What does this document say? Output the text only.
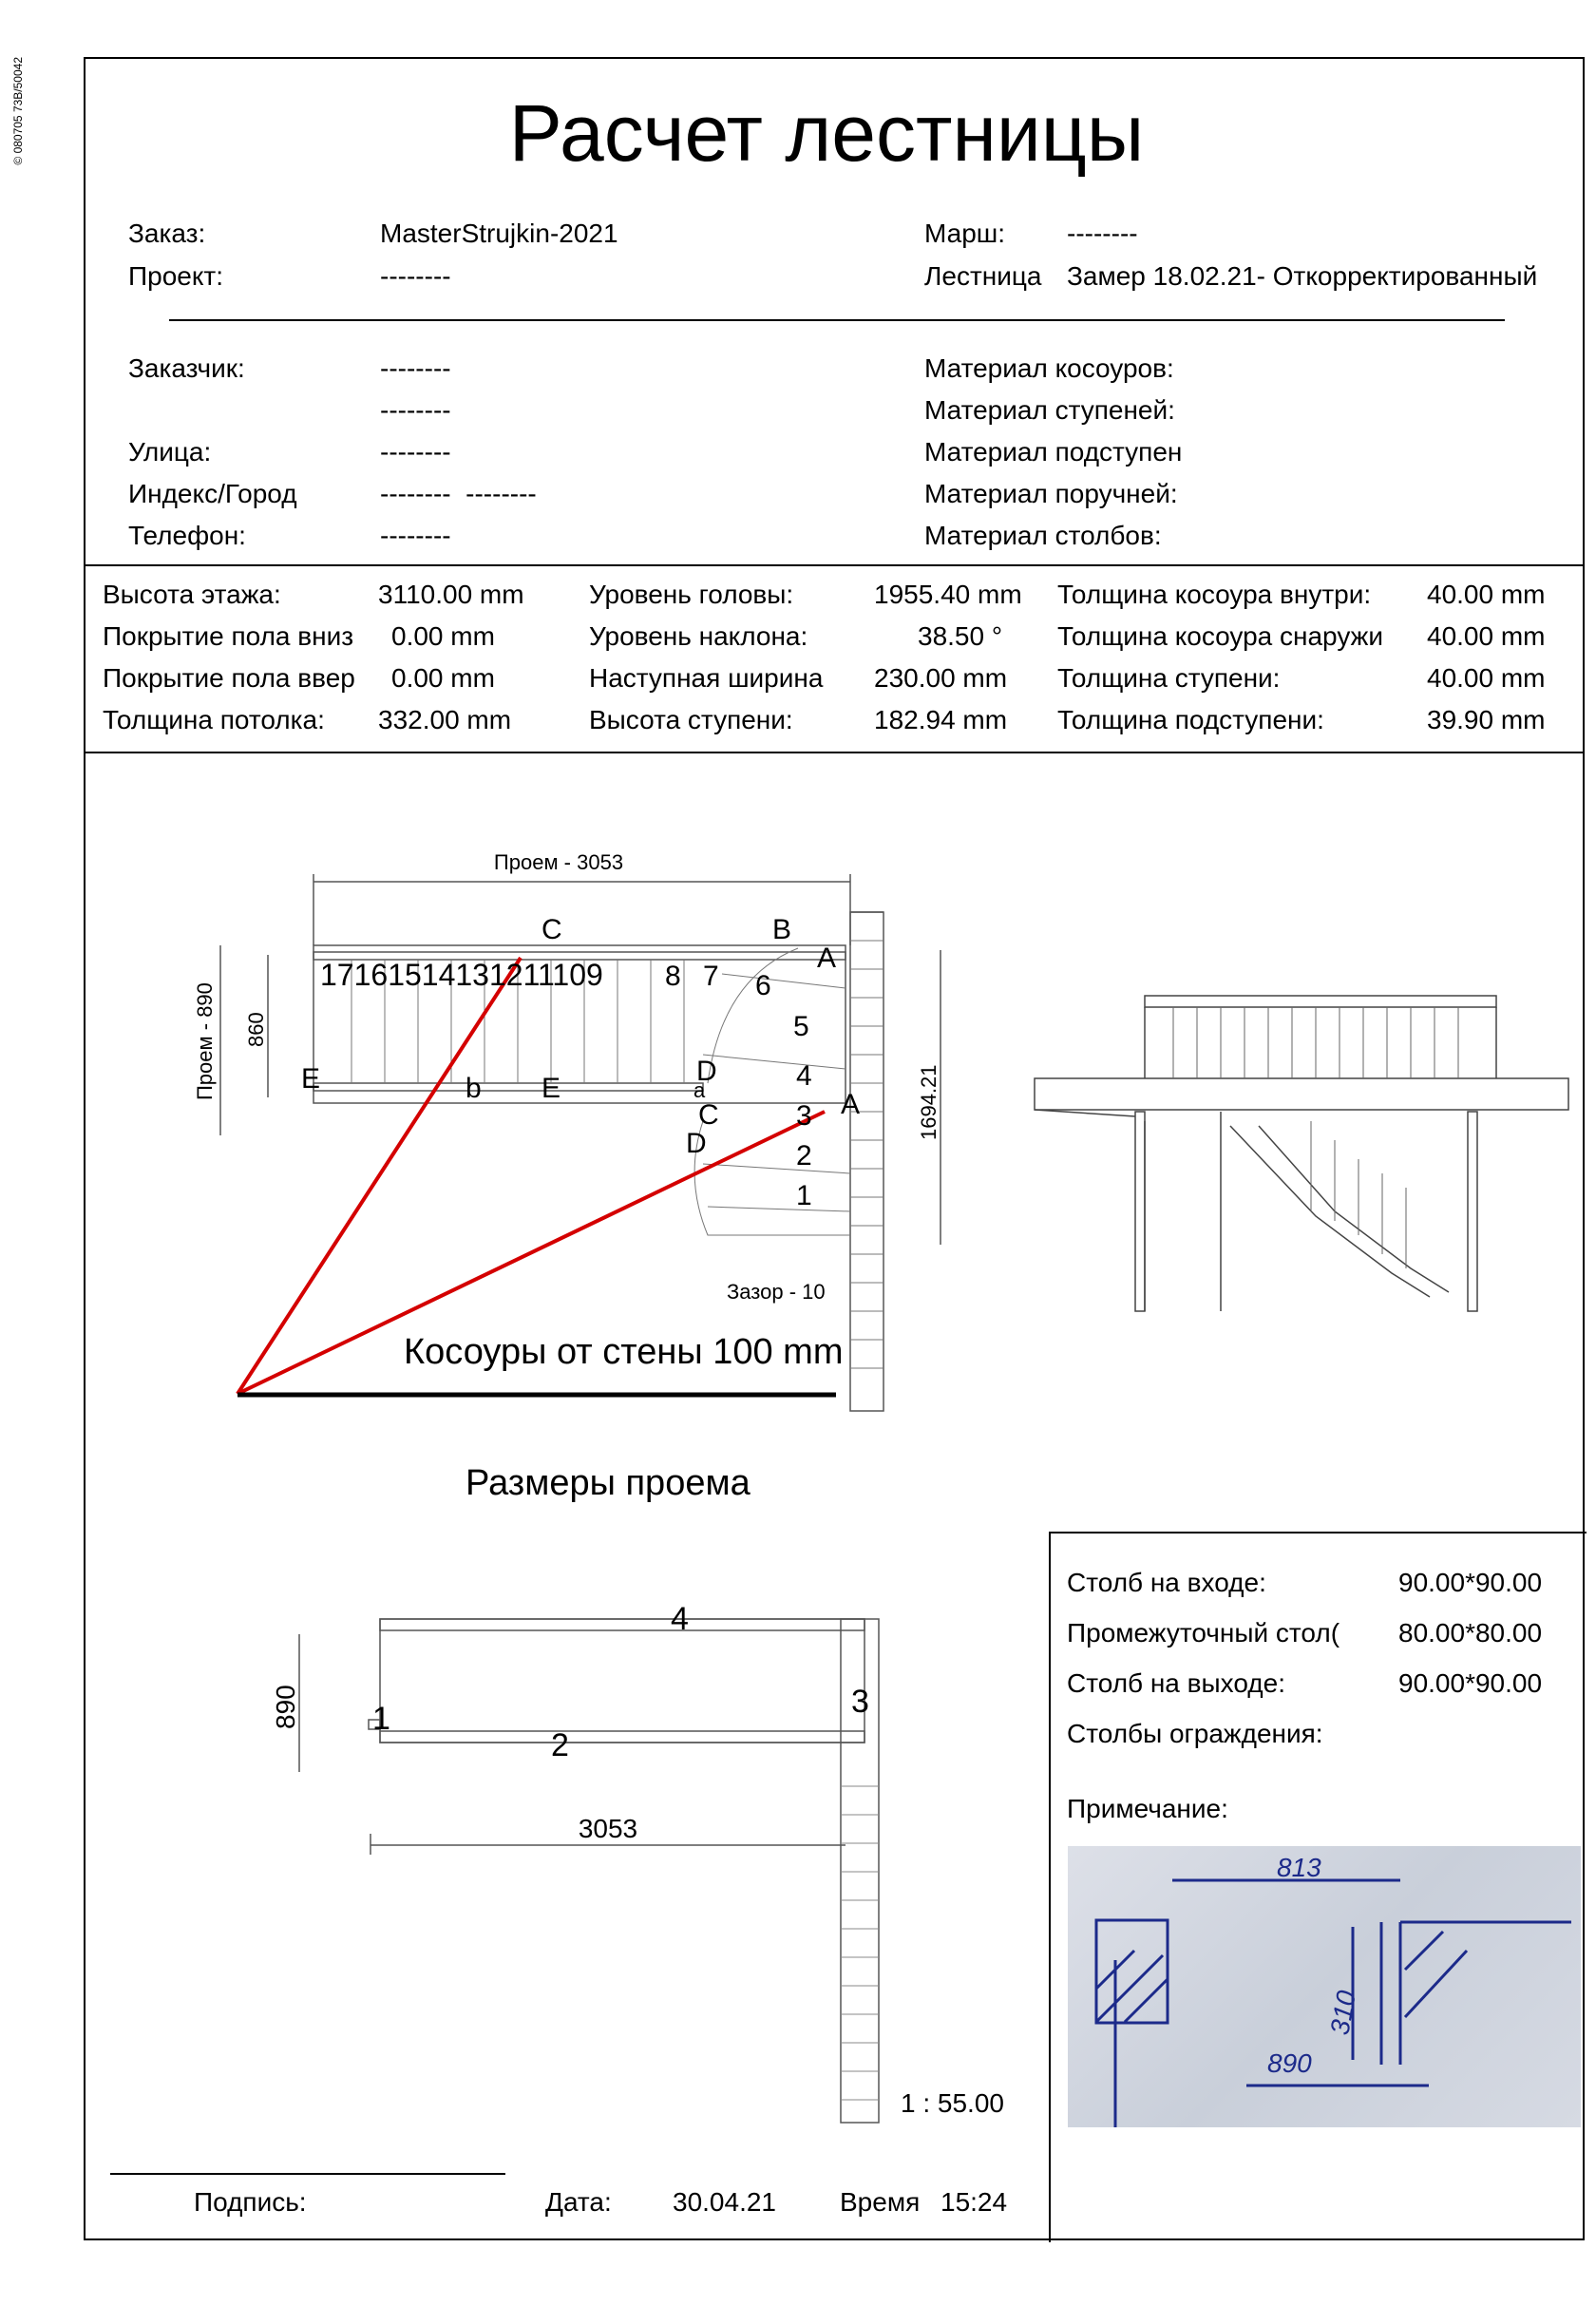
© 080705 73B/50042	Расчет лестницы
Заказ:	MasterStrujkin-2021
Проект:	--------
Марш: --------
Лестница Замер 18.02.21- Откорректированный
Заказчик:	--------
--------
Улица:	--------
Индекс/Город	--------  --------
Телефон:	--------
Материал косоуров:
Материал ступеней:
Материал подступен
Материал поручней:
Материал столбов:
Высота этажа:	3110.00 mm Уровень головы:	1955.40 mm Толщина косоура внутри: 40.00 mm
Покрытие пола вниз	0.00 mm	Уровень наклона:	38.50 ° Толщина косоура снаружи	40.00 mm
Покрытие пола ввер	0.00 mm	Наступная ширина 230.00 mm Толщина ступени:	40.00 mm
Толщина потолка: 332.00 mm	Высота ступени:	182.94 mm Толщина подступени:	39.90 mm
Проем - 3053
Проем - 890 860
1694.21
Зазор - 10
17161514131211109 8 7 6
5
4
3
2
1
C	B
A
E	b E
D
a
C
D
A
Косоуры от стены 100 mm
Размеры проема
890
3053
1
2
3
4
Столб на входе:	90.00*90.00
Промежуточный стол(	80.00*80.00
Столб на выходе:	90.00*90.00
Столбы ограждения:
Примечание:
813
310
890
1 : 55.00
Подпись:	Дата: 30.04.21 Время 15:24
